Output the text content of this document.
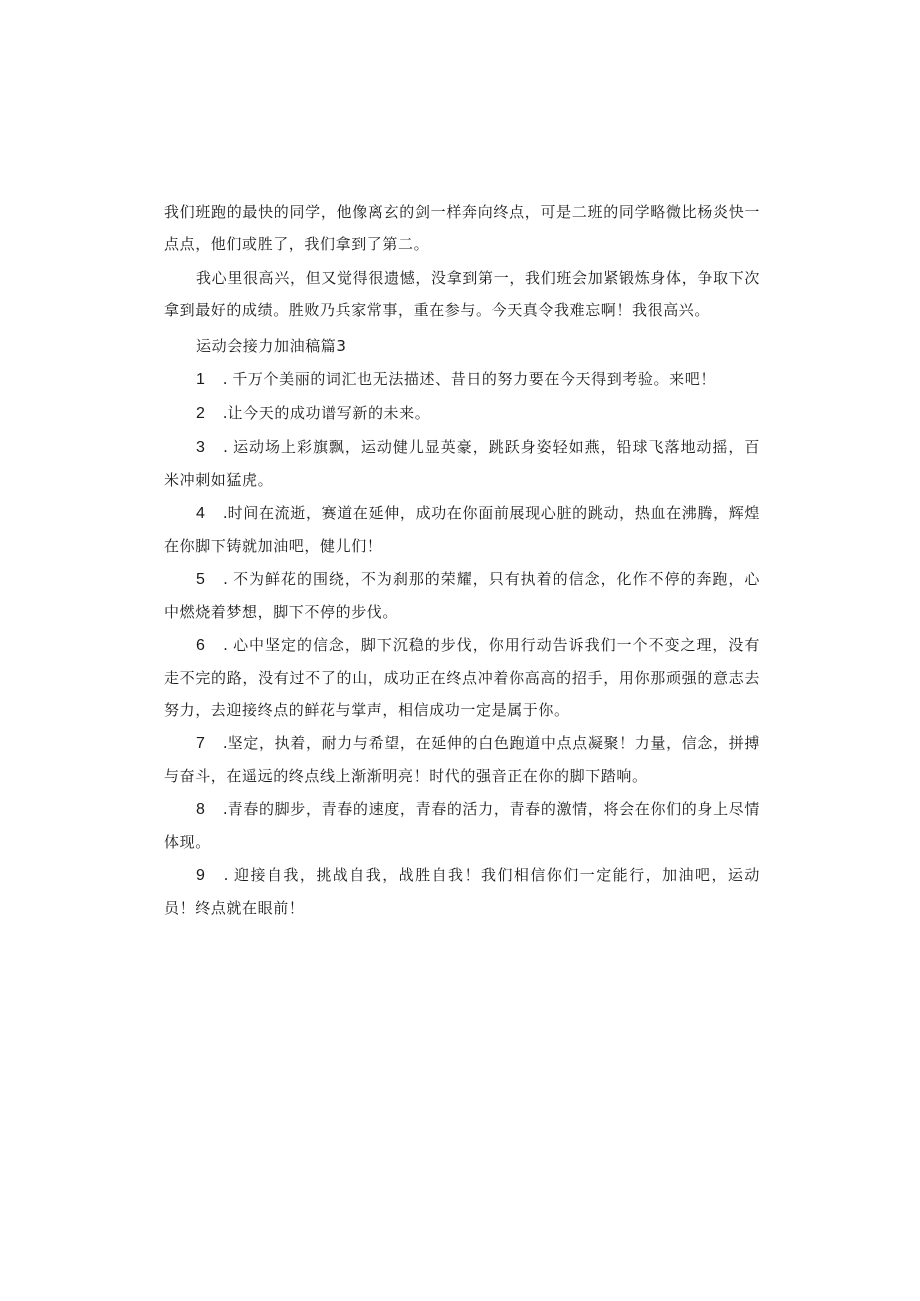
我们班跑的最快的同学，他像离玄的剑一样奔向终点，可是二班的同学略微比杨炎快一点点，他们或胜了，我们拿到了第二。

我心里很高兴，但又觉得很遗憾，没拿到第一，我们班会加紧锻炼身体，争取下次拿到最好的成绩。胜败乃兵家常事，重在参与。今天真令我难忘啊！我很高兴。

运动会接力加油稿篇3

1 . 千万个美丽的词汇也无法描述、昔日的努力要在今天得到考验。来吧！

2 .让今天的成功谱写新的未来。

3 . 运动场上彩旗飘，运动健儿显英豪，跳跃身姿轻如燕，铅球飞落地动摇，百米冲刺如猛虎。

4 .时间在流逝，赛道在延伸，成功在你面前展现心脏的跳动，热血在沸腾，辉煌在你脚下铸就加油吧，健儿们！

5 . 不为鲜花的围绕，不为刹那的荣耀，只有执着的信念，化作不停的奔跑，心中燃烧着梦想，脚下不停的步伐。

6 . 心中坚定的信念，脚下沉稳的步伐，你用行动告诉我们一个不变之理，没有走不完的路，没有过不了的山，成功正在终点冲着你高高的招手，用你那顽强的意志去努力，去迎接终点的鲜花与掌声，相信成功一定是属于你。

7 .坚定，执着，耐力与希望，在延伸的白色跑道中点点凝聚！力量，信念，拼搏与奋斗，在遥远的终点线上渐渐明亮！时代的强音正在你的脚下踏响。

8 .青春的脚步，青春的速度，青春的活力，青春的激情，将会在你们的身上尽情体现。

9 . 迎接自我，挑战自我，战胜自我！我们相信你们一定能行，加油吧，运动员！终点就在眼前！
